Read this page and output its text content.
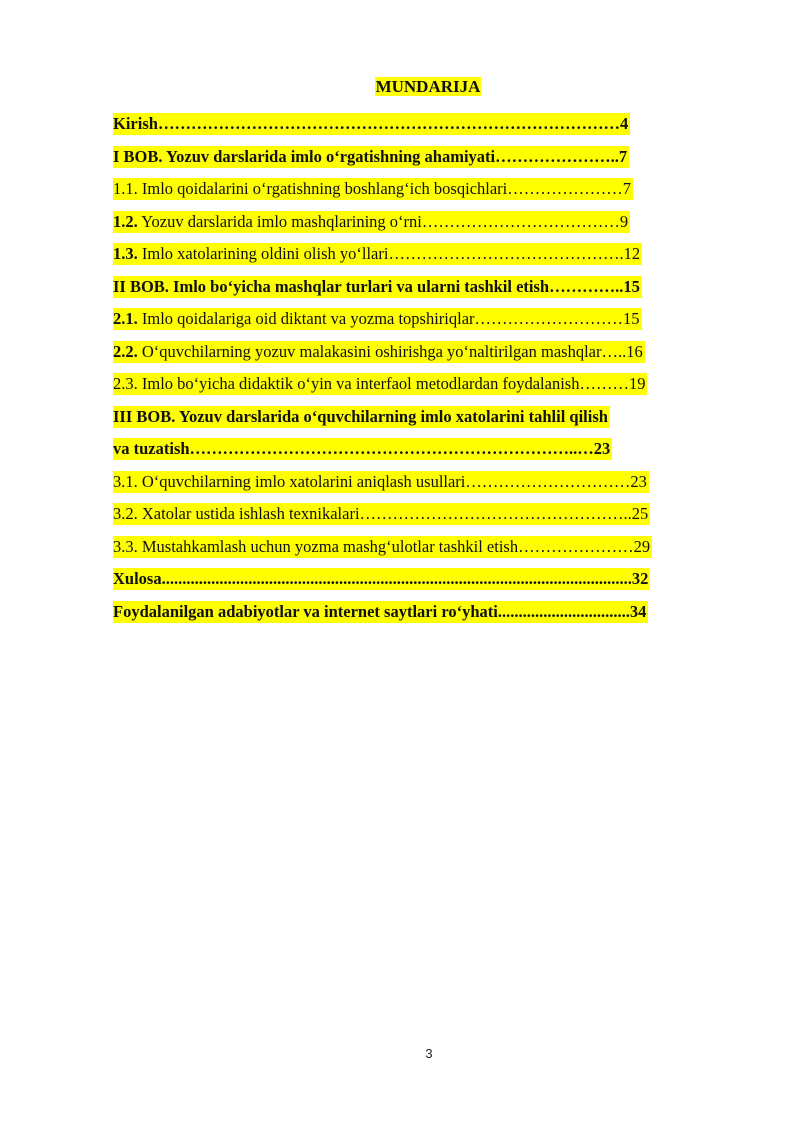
MUNDARIJA
Kirish…………………………………………………………………………4
I BOB. Yozuv darslarida imlo oʻrgatishning ahamiyati…………………..7
1.1. Imlo qoidalarini oʻrgatishning boshlangʻich bosqichlari…………………7
1.2. Yozuv darslarida imlo mashqlarining oʻrni………………………………9
1.3. Imlo xatolarining oldini olish yoʻllari…………………………………….12
II BOB. Imlo boʻyicha mashqlar turlari va ularni tashkil etish…………..15
2.1. Imlo qoidalariga oid diktant va yozma topshiriqlar………………………15
2.2. Oʻquvchilarning yozuv malakasini oshirishga yoʻnaltirilgan mashqlar…..16
2.3. Imlo boʻyicha didaktik oʻyin va interfaol metodlardan foydalanish………19
III BOB. Yozuv darslarida oʻquvchilarning imlo xatolarini tahlil qilish
va tuzatish……………………………………………………………..…23
3.1. Oʻquvchilarning imlo xatolarini aniqlash usullari…………………………23
3.2. Xatolar ustida ishlash texnikalari…………………………………………..25
3.3. Mustahkamlash uchun yozma mashgʻulotlar tashkil etish…………………29
Xulosa..................................................................................................................32
Foydalanilgan adabiyotlar va internet saytlari roʻyhati................................34
3
